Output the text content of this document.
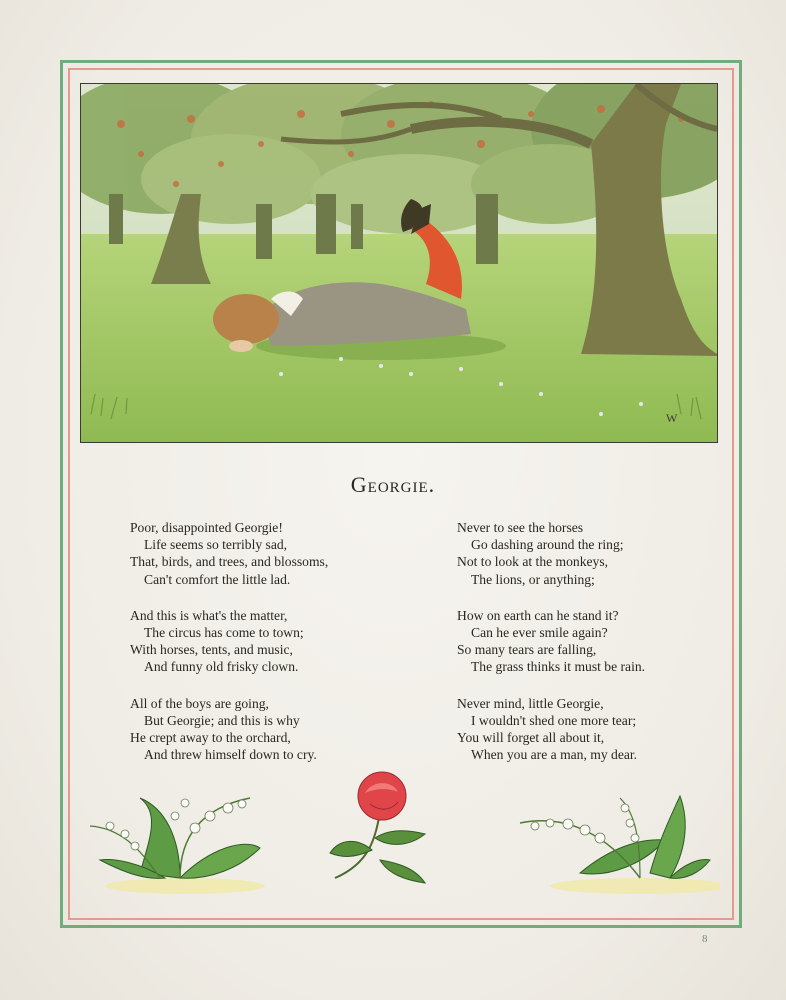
W
Georgie.
Poor, disappointed Georgie!
Life seems so terribly sad,
That, birds, and trees, and blossoms,
Can't comfort the little lad.
And this is what's the matter,
The circus has come to town;
With horses, tents, and music,
And funny old frisky clown.
All of the boys are going,
But Georgie; and this is why
He crept away to the orchard,
And threw himself down to cry.
Never to see the horses
Go dashing around the ring;
Not to look at the monkeys,
The lions, or anything;
How on earth can he stand it?
Can he ever smile again?
So many tears are falling,
The grass thinks it must be rain.
Never mind, little Georgie,
I wouldn't shed one more tear;
You will forget all about it,
When you are a man, my dear.
8
